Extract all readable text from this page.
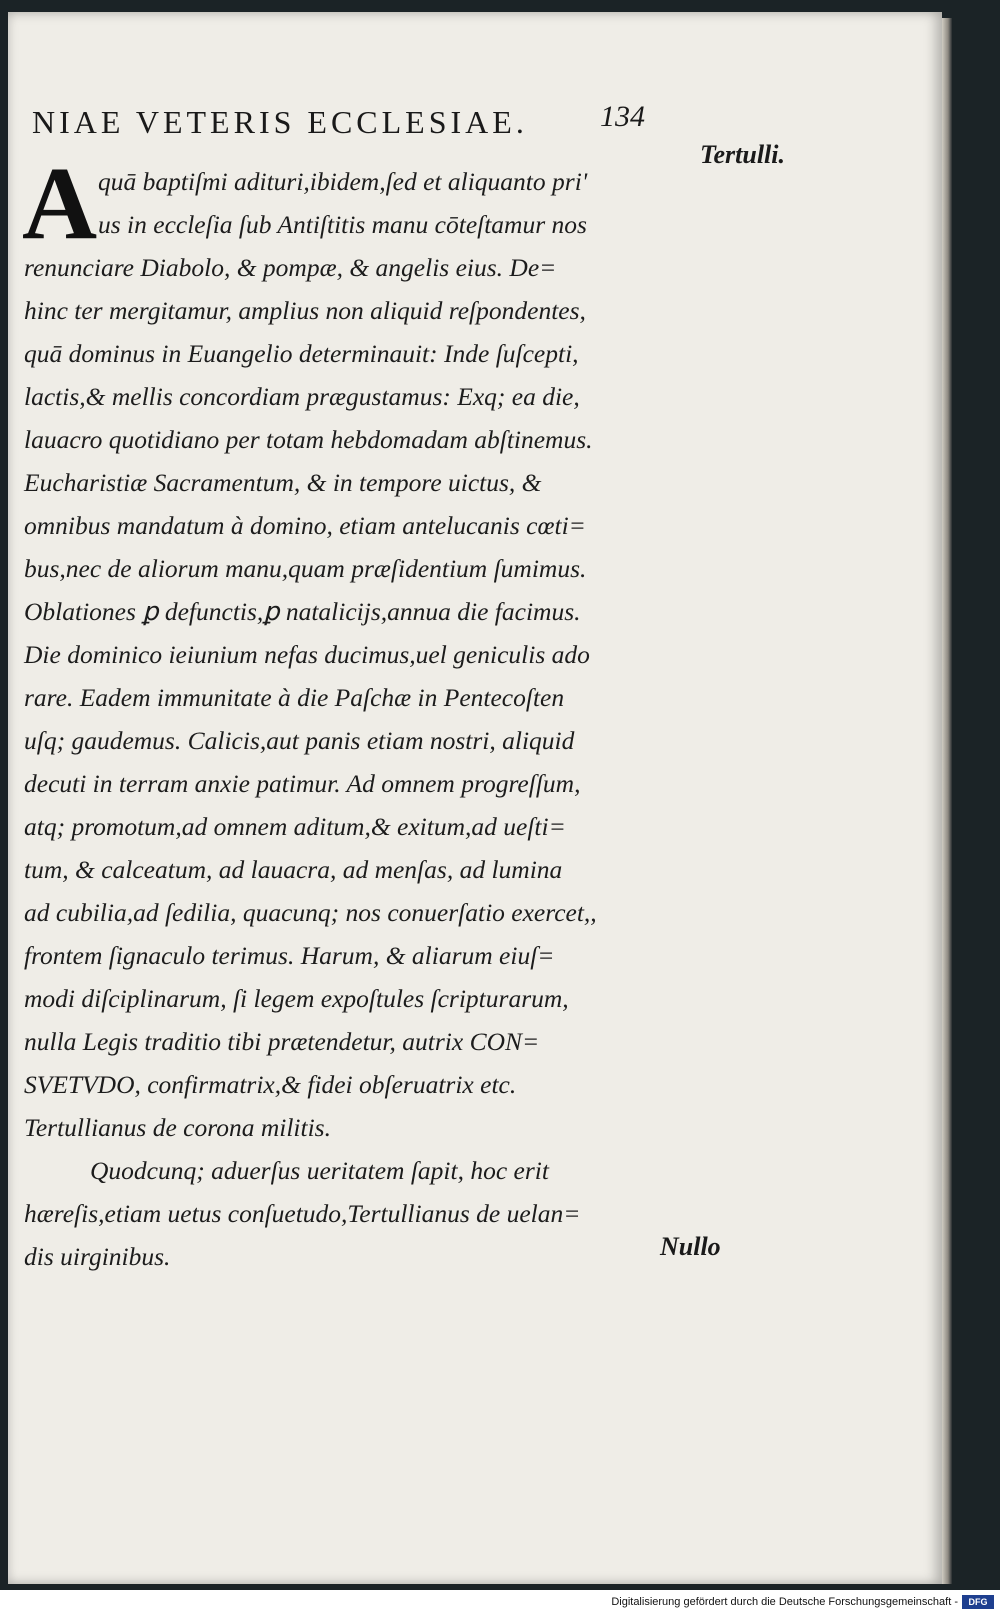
NIAE VETERIS ECCLESIAE.	134
Tertulli.
A quā baptiſmi adituri,ibidem,ſed et aliquanto pri'
us in eccleſia ſub Antiſtitis manu cōteſtamur nos
renunciare Diabolo, & pompæ, & angelis eius. De=
hinc ter mergitamur, amplius non aliquid reſpondentes,
quā dominus in Euangelio determinauit: Inde ſuſcepti,
lactis,& mellis concordiam prægustamus: Exq; ea die,
lauacro quotidiano per totam hebdomadam abſtinemus.
Eucharistiæ Sacramentum, & in tempore uictus, &
omnibus mandatum à domino, etiam antelucanis cœti=
bus,nec de aliorum manu,quam præſidentium ſumimus.
Oblationes ꝑ defunctis,ꝑ natalicijs,annua die facimus.
Die dominico ieiunium nefas ducimus,uel geniculis ado
rare. Eadem immunitate à die Paſchæ in Pentecoſten
uſq; gaudemus. Calicis,aut panis etiam nostri, aliquid
decuti in terram anxie patimur. Ad omnem progreſſum,
atq; promotum,ad omnem aditum,& exitum,ad ueſti=
tum, & calceatum, ad lauacra, ad menſas, ad lumina
ad cubilia,ad ſedilia, quacunq; nos conuerſatio exercet,,
frontem ſignaculo terimus. Harum, & aliarum eiuſ=
modi diſciplinarum, ſi legem expoſtules ſcripturarum,
nulla Legis traditio tibi prætendetur, autrix CON=
SVETVDO, confirmatrix,& fidei obſeruatrix etc.
Tertullianus de corona militis.
Quodcunq; aduerſus ueritatem ſapit, hoc erit
hæreſis,etiam uetus conſuetudo,Tertullianus de uelan=
dis uirginibus.	Nullo
Digitalisierung gefördert durch die Deutsche Forschungsgemeinschaft -	DFG
